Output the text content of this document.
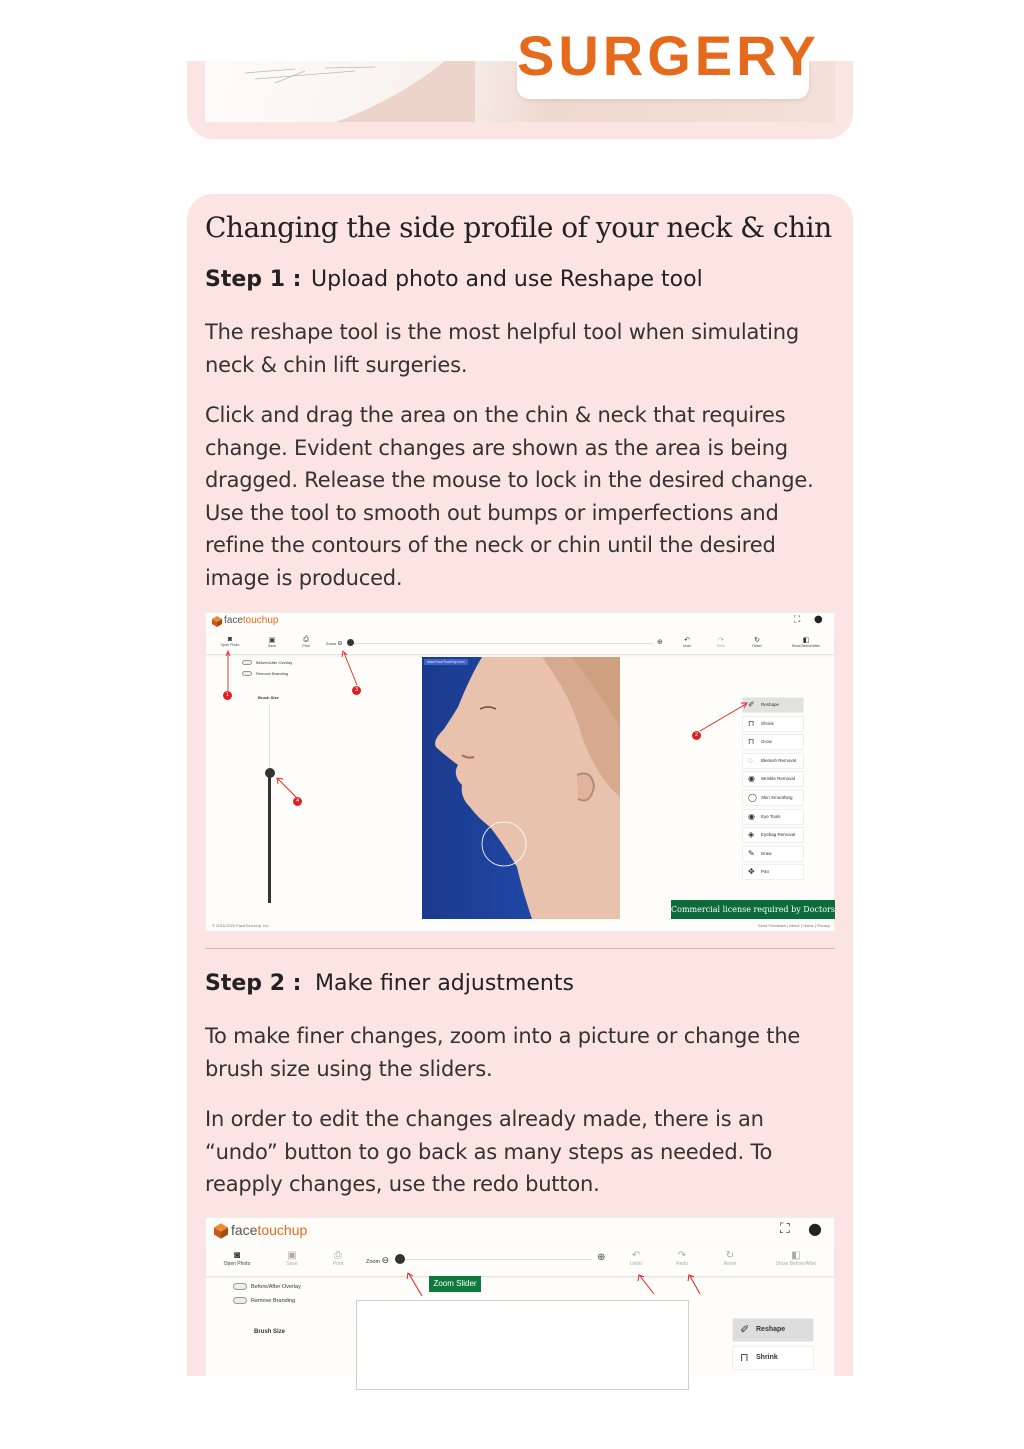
SURGERY
Changing the side profile of your neck & chin
Step 1 : Upload photo and use Reshape tool

The reshape tool is the most helpful tool when simulating neck & chin lift surgeries.

Click and drag the area on the chin & neck that requires change. Evident changes are shown as the area is being dragged. Release the mouse to lock in the desired change. Use the tool to smooth out bumps or imperfections and refine the contours of the neck or chin until the desired image is produced.

facetouchup	⛶ ●
◙
Open Photo
▣
Save
⎙
Print	Zoom ⊖	⊕	↶
Undo
↷
Redo
↻
Reset
◧
Show Before/After
Before/After Overlay
Remove Branding
Brush Size
www.FaceTouchUp.com
✐ Reshape
⊓ Shrink
⊓ Grow
◌ Blemish Removal
◉ Wrinkle Removal
◯ Skin Smoothing
◉ Eye Tools
◈ Eyebag Removal
✎ Draw
✥ Pan
1
2
3
4
Commercial license required by Doctors
© 2015-2022 FaceTouchUp, Inc.	Send Feedback | About | Terms | Privacy
Step 2 : Make finer adjustments

To make finer changes, zoom into a picture or change the brush size using the sliders.

In order to edit the changes already made, there is an “undo” button to go back as many steps as needed. To reapply changes, use the redo button.

facetouchup	⛶ ●
◙
Open Photo
▣
Save
⎙
Print	Zoom ⊖	⊕	↶
Undo
↷
Redo
↻
Reset
◧
Show Before/After
Before/After Overlay
Remove Branding
Brush Size
Zoom Slider
✐ Reshape
⊓ Shrink
